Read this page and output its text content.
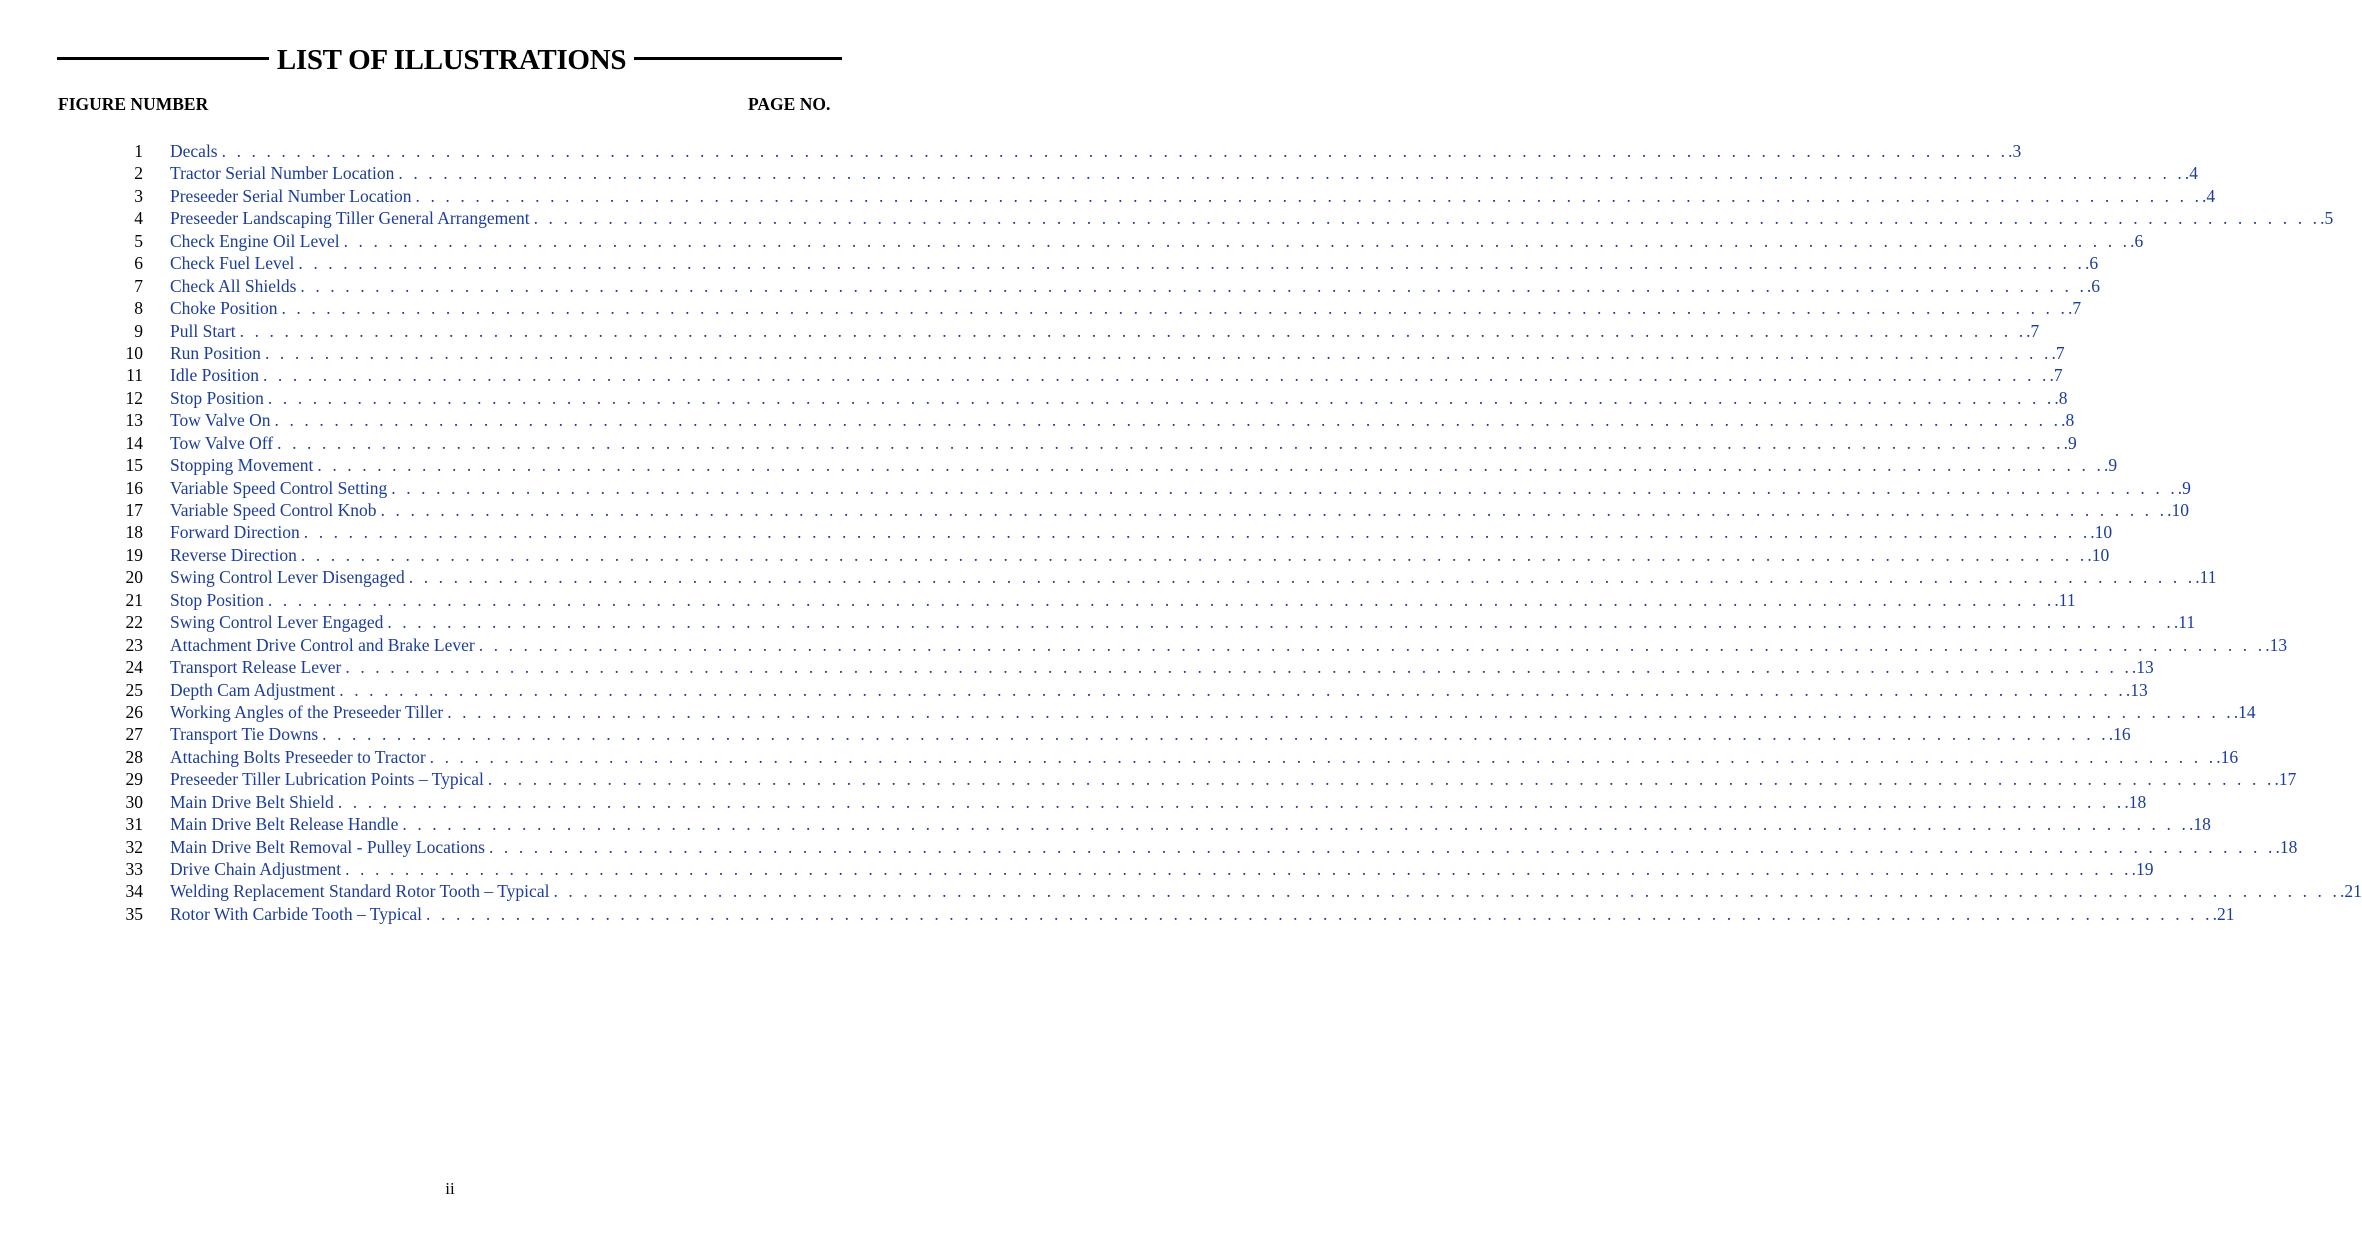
LIST OF ILLUSTRATIONS
FIGURE NUMBER	PAGE NO.
1 Decals . . . . . . . . . . . . . . . . . . . . . . . . . . . . . . . . . . . . . . . . . . . . . . . . . . . . . . . . . . . . . . . . . . . . . . . . . . . . . . . . . . . . . . . . . . . . . . . . . . . . . . . . . . . . . . . . . . . . . . . . .3
2 Tractor Serial Number Location . . . . . . . . . . . . . . . . . . . . . . . . . . . . . . . . . . . . . . . . . . . . . . . . . . . . . . . . . . . . . . . . . . . . . . . . . . . . . . . . . . . . . . . . . . . . . . . . . . . . . . . . . . . . . . . . . . . . . . . . .4
3 Preseeder Serial Number Location . . . . . . . . . . . . . . . . . . . . . . . . . . . . . . . . . . . . . . . . . . . . . . . . . . . . . . . . . . . . . . . . . . . . . . . . . . . . . . . . . . . . . . . . . . . . . . . . . . . . . . . . . . . . . . . . . . . . . . . . .4
4 Preseeder Landscaping Tiller General Arrangement . . . . . . . . . . . . . . . . . . . . . . . . . . . . . . . . . . . . . . . . . . . . . . . . . . . . . . . . . . . . . . . . . . . . . . . . . . . . . . . . . . . . . . . . . . . . . . . . . . . . . . . . . . . . . . . . . . . . . . . . .5
5 Check Engine Oil Level . . . . . . . . . . . . . . . . . . . . . . . . . . . . . . . . . . . . . . . . . . . . . . . . . . . . . . . . . . . . . . . . . . . . . . . . . . . . . . . . . . . . . . . . . . . . . . . . . . . . . . . . . . . . . . . . . . . . . . . . .6
6 Check Fuel Level . . . . . . . . . . . . . . . . . . . . . . . . . . . . . . . . . . . . . . . . . . . . . . . . . . . . . . . . . . . . . . . . . . . . . . . . . . . . . . . . . . . . . . . . . . . . . . . . . . . . . . . . . . . . . . . . . . . . . . . . .6
7 Check All Shields . . . . . . . . . . . . . . . . . . . . . . . . . . . . . . . . . . . . . . . . . . . . . . . . . . . . . . . . . . . . . . . . . . . . . . . . . . . . . . . . . . . . . . . . . . . . . . . . . . . . . . . . . . . . . . . . . . . . . . . . .6
8 Choke Position . . . . . . . . . . . . . . . . . . . . . . . . . . . . . . . . . . . . . . . . . . . . . . . . . . . . . . . . . . . . . . . . . . . . . . . . . . . . . . . . . . . . . . . . . . . . . . . . . . . . . . . . . . . . . . . . . . . . . . . . .7
9 Pull Start . . . . . . . . . . . . . . . . . . . . . . . . . . . . . . . . . . . . . . . . . . . . . . . . . . . . . . . . . . . . . . . . . . . . . . . . . . . . . . . . . . . . . . . . . . . . . . . . . . . . . . . . . . . . . . . . . . . . . . . . .7
10 Run Position . . . . . . . . . . . . . . . . . . . . . . . . . . . . . . . . . . . . . . . . . . . . . . . . . . . . . . . . . . . . . . . . . . . . . . . . . . . . . . . . . . . . . . . . . . . . . . . . . . . . . . . . . . . . . . . . . . . . . . . . .7
11 Idle Position . . . . . . . . . . . . . . . . . . . . . . . . . . . . . . . . . . . . . . . . . . . . . . . . . . . . . . . . . . . . . . . . . . . . . . . . . . . . . . . . . . . . . . . . . . . . . . . . . . . . . . . . . . . . . . . . . . . . . . . . .7
12 Stop Position . . . . . . . . . . . . . . . . . . . . . . . . . . . . . . . . . . . . . . . . . . . . . . . . . . . . . . . . . . . . . . . . . . . . . . . . . . . . . . . . . . . . . . . . . . . . . . . . . . . . . . . . . . . . . . . . . . . . . . . . .8
13 Tow Valve On . . . . . . . . . . . . . . . . . . . . . . . . . . . . . . . . . . . . . . . . . . . . . . . . . . . . . . . . . . . . . . . . . . . . . . . . . . . . . . . . . . . . . . . . . . . . . . . . . . . . . . . . . . . . . . . . . . . . . . . . .8
14 Tow Valve Off . . . . . . . . . . . . . . . . . . . . . . . . . . . . . . . . . . . . . . . . . . . . . . . . . . . . . . . . . . . . . . . . . . . . . . . . . . . . . . . . . . . . . . . . . . . . . . . . . . . . . . . . . . . . . . . . . . . . . . . . .9
15 Stopping Movement . . . . . . . . . . . . . . . . . . . . . . . . . . . . . . . . . . . . . . . . . . . . . . . . . . . . . . . . . . . . . . . . . . . . . . . . . . . . . . . . . . . . . . . . . . . . . . . . . . . . . . . . . . . . . . . . . . . . . . . . .9
16 Variable Speed Control Setting . . . . . . . . . . . . . . . . . . . . . . . . . . . . . . . . . . . . . . . . . . . . . . . . . . . . . . . . . . . . . . . . . . . . . . . . . . . . . . . . . . . . . . . . . . . . . . . . . . . . . . . . . . . . . . . . . . . . . . . . .9
17 Variable Speed Control Knob . . . . . . . . . . . . . . . . . . . . . . . . . . . . . . . . . . . . . . . . . . . . . . . . . . . . . . . . . . . . . . . . . . . . . . . . . . . . . . . . . . . . . . . . . . . . . . . . . . . . . . . . . . . . . . . . . . . . . . . . .10
18 Forward Direction . . . . . . . . . . . . . . . . . . . . . . . . . . . . . . . . . . . . . . . . . . . . . . . . . . . . . . . . . . . . . . . . . . . . . . . . . . . . . . . . . . . . . . . . . . . . . . . . . . . . . . . . . . . . . . . . . . . . . . . . .10
19 Reverse Direction . . . . . . . . . . . . . . . . . . . . . . . . . . . . . . . . . . . . . . . . . . . . . . . . . . . . . . . . . . . . . . . . . . . . . . . . . . . . . . . . . . . . . . . . . . . . . . . . . . . . . . . . . . . . . . . . . . . . . . . . .10
20 Swing Control Lever Disengaged . . . . . . . . . . . . . . . . . . . . . . . . . . . . . . . . . . . . . . . . . . . . . . . . . . . . . . . . . . . . . . . . . . . . . . . . . . . . . . . . . . . . . . . . . . . . . . . . . . . . . . . . . . . . . . . . . . . . . . . . .11
21 Stop Position . . . . . . . . . . . . . . . . . . . . . . . . . . . . . . . . . . . . . . . . . . . . . . . . . . . . . . . . . . . . . . . . . . . . . . . . . . . . . . . . . . . . . . . . . . . . . . . . . . . . . . . . . . . . . . . . . . . . . . . . .11
22 Swing Control Lever Engaged . . . . . . . . . . . . . . . . . . . . . . . . . . . . . . . . . . . . . . . . . . . . . . . . . . . . . . . . . . . . . . . . . . . . . . . . . . . . . . . . . . . . . . . . . . . . . . . . . . . . . . . . . . . . . . . . . . . . . . . . .11
23 Attachment Drive Control and Brake Lever . . . . . . . . . . . . . . . . . . . . . . . . . . . . . . . . . . . . . . . . . . . . . . . . . . . . . . . . . . . . . . . . . . . . . . . . . . . . . . . . . . . . . . . . . . . . . . . . . . . . . . . . . . . . . . . . . . . . . . . . .13
24 Transport Release Lever . . . . . . . . . . . . . . . . . . . . . . . . . . . . . . . . . . . . . . . . . . . . . . . . . . . . . . . . . . . . . . . . . . . . . . . . . . . . . . . . . . . . . . . . . . . . . . . . . . . . . . . . . . . . . . . . . . . . . . . . .13
25 Depth Cam Adjustment . . . . . . . . . . . . . . . . . . . . . . . . . . . . . . . . . . . . . . . . . . . . . . . . . . . . . . . . . . . . . . . . . . . . . . . . . . . . . . . . . . . . . . . . . . . . . . . . . . . . . . . . . . . . . . . . . . . . . . . . .13
26 Working Angles of the Preseeder Tiller . . . . . . . . . . . . . . . . . . . . . . . . . . . . . . . . . . . . . . . . . . . . . . . . . . . . . . . . . . . . . . . . . . . . . . . . . . . . . . . . . . . . . . . . . . . . . . . . . . . . . . . . . . . . . . . . . . . . . . . . .14
27 Transport Tie Downs . . . . . . . . . . . . . . . . . . . . . . . . . . . . . . . . . . . . . . . . . . . . . . . . . . . . . . . . . . . . . . . . . . . . . . . . . . . . . . . . . . . . . . . . . . . . . . . . . . . . . . . . . . . . . . . . . . . . . . . . .16
28 Attaching Bolts Preseeder to Tractor . . . . . . . . . . . . . . . . . . . . . . . . . . . . . . . . . . . . . . . . . . . . . . . . . . . . . . . . . . . . . . . . . . . . . . . . . . . . . . . . . . . . . . . . . . . . . . . . . . . . . . . . . . . . . . . . . . . . . . . . .16
29 Preseeder Tiller Lubrication Points – Typical . . . . . . . . . . . . . . . . . . . . . . . . . . . . . . . . . . . . . . . . . . . . . . . . . . . . . . . . . . . . . . . . . . . . . . . . . . . . . . . . . . . . . . . . . . . . . . . . . . . . . . . . . . . . . . . . . . . . . . . . .17
30 Main Drive Belt Shield . . . . . . . . . . . . . . . . . . . . . . . . . . . . . . . . . . . . . . . . . . . . . . . . . . . . . . . . . . . . . . . . . . . . . . . . . . . . . . . . . . . . . . . . . . . . . . . . . . . . . . . . . . . . . . . . . . . . . . . . .18
31 Main Drive Belt Release Handle . . . . . . . . . . . . . . . . . . . . . . . . . . . . . . . . . . . . . . . . . . . . . . . . . . . . . . . . . . . . . . . . . . . . . . . . . . . . . . . . . . . . . . . . . . . . . . . . . . . . . . . . . . . . . . . . . . . . . . . . .18
32 Main Drive Belt Removal - Pulley Locations . . . . . . . . . . . . . . . . . . . . . . . . . . . . . . . . . . . . . . . . . . . . . . . . . . . . . . . . . . . . . . . . . . . . . . . . . . . . . . . . . . . . . . . . . . . . . . . . . . . . . . . . . . . . . . . . . . . . . . . . .18
33 Drive Chain Adjustment . . . . . . . . . . . . . . . . . . . . . . . . . . . . . . . . . . . . . . . . . . . . . . . . . . . . . . . . . . . . . . . . . . . . . . . . . . . . . . . . . . . . . . . . . . . . . . . . . . . . . . . . . . . . . . . . . . . . . . . . .19
34 Welding Replacement Standard Rotor Tooth – Typical . . . . . . . . . . . . . . . . . . . . . . . . . . . . . . . . . . . . . . . . . . . . . . . . . . . . . . . . . . . . . . . . . . . . . . . . . . . . . . . . . . . . . . . . . . . . . . . . . . . . . . . . . . . . . . . . . . . . . . . . .21
35 Rotor With Carbide Tooth – Typical . . . . . . . . . . . . . . . . . . . . . . . . . . . . . . . . . . . . . . . . . . . . . . . . . . . . . . . . . . . . . . . . . . . . . . . . . . . . . . . . . . . . . . . . . . . . . . . . . . . . . . . . . . . . . . . . . . . . . . . . .21
ii
